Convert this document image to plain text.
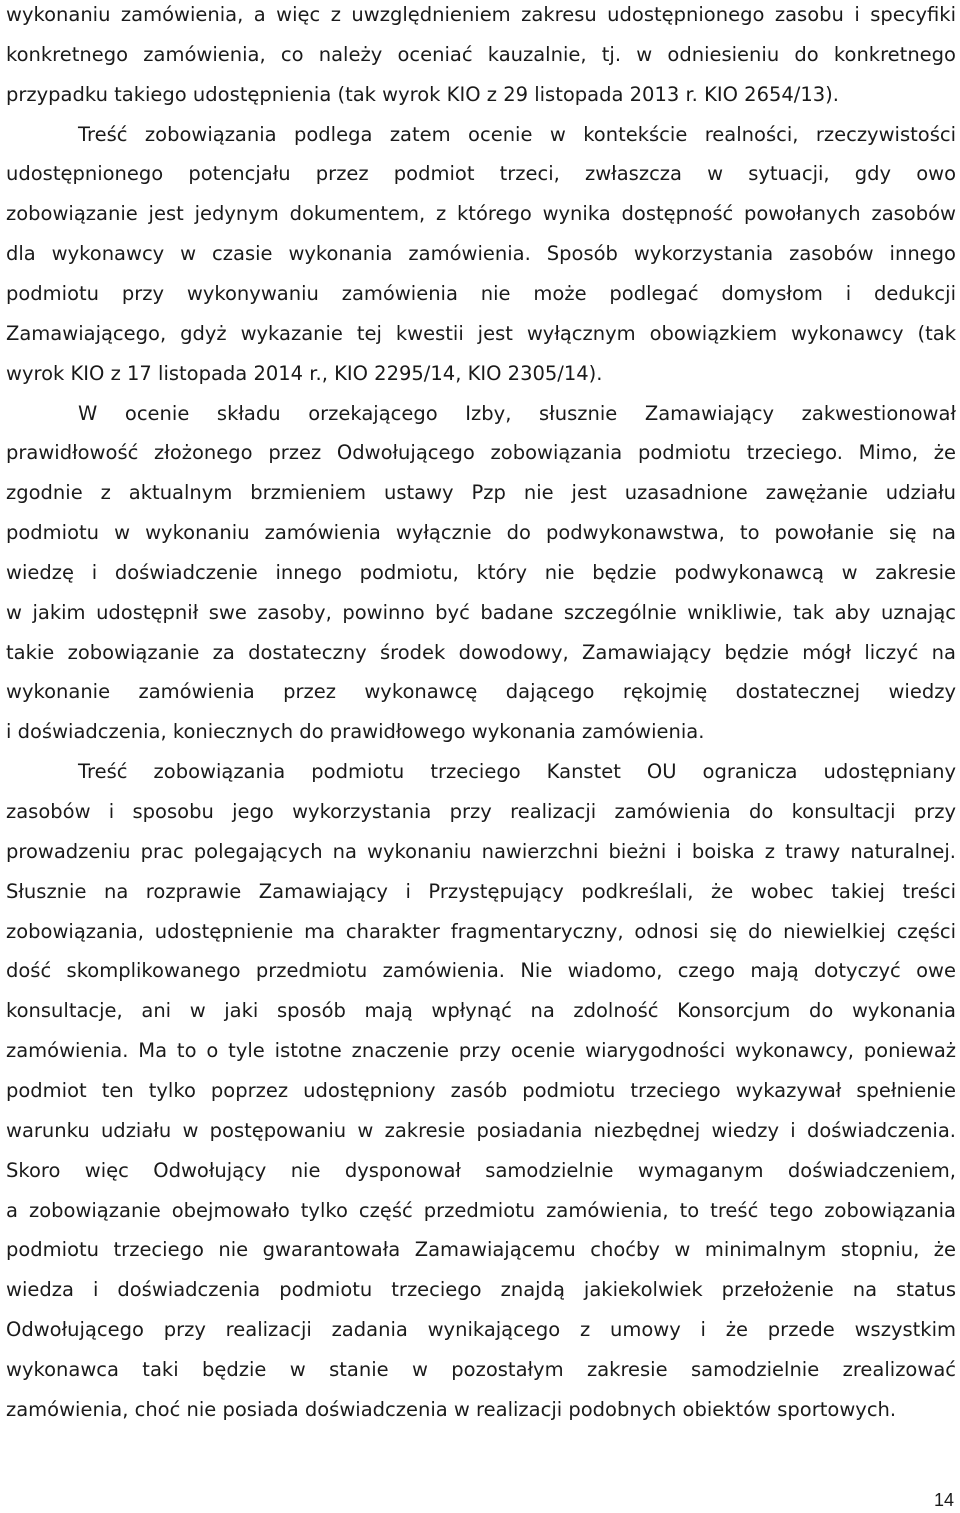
wykonaniu zamówienia, a więc z uwzględnieniem zakresu udostępnionego zasobu i specyfiki
konkretnego zamówienia, co należy oceniać kauzalnie, tj. w odniesieniu do konkretnego
przypadku takiego udostępnienia (tak wyrok KIO z 29 listopada 2013 r. KIO 2654/13).
Treść zobowiązania podlega zatem ocenie w kontekście realności, rzeczywistości
udostępnionego potencjału przez podmiot trzeci, zwłaszcza w sytuacji, gdy owo
zobowiązanie jest jedynym dokumentem, z którego wynika dostępność powołanych zasobów
dla wykonawcy w czasie wykonania zamówienia. Sposób wykorzystania zasobów innego
podmiotu przy wykonywaniu zamówienia nie może podlegać domysłom i dedukcji
Zamawiającego, gdyż wykazanie tej kwestii jest wyłącznym obowiązkiem wykonawcy (tak
wyrok KIO z 17 listopada 2014 r., KIO 2295/14, KIO 2305/14).
W ocenie składu orzekającego Izby, słusznie Zamawiający zakwestionował
prawidłowość złożonego przez Odwołującego zobowiązania podmiotu trzeciego. Mimo, że
zgodnie z aktualnym brzmieniem ustawy Pzp nie jest uzasadnione zawężanie udziału
podmiotu w wykonaniu zamówienia wyłącznie do podwykonawstwa, to powołanie się na
wiedzę i doświadczenie innego podmiotu, który nie będzie podwykonawcą w zakresie
w jakim udostępnił swe zasoby, powinno być badane szczególnie wnikliwie, tak aby uznając
takie zobowiązanie za dostateczny środek dowodowy, Zamawiający będzie mógł liczyć na
wykonanie zamówienia przez wykonawcę dającego rękojmię dostatecznej wiedzy
i doświadczenia, koniecznych do prawidłowego wykonania zamówienia.
Treść zobowiązania podmiotu trzeciego Kanstet OU ogranicza udostępniany
zasobów i sposobu jego wykorzystania przy realizacji zamówienia do konsultacji przy
prowadzeniu prac polegających na wykonaniu nawierzchni bieżni i boiska z trawy naturalnej.
Słusznie na rozprawie Zamawiający i Przystępujący podkreślali, że wobec takiej treści
zobowiązania, udostępnienie ma charakter fragmentaryczny, odnosi się do niewielkiej części
dość skomplikowanego przedmiotu zamówienia. Nie wiadomo, czego mają dotyczyć owe
konsultacje, ani w jaki sposób mają wpłynąć na zdolność Konsorcjum do wykonania
zamówienia. Ma to o tyle istotne znaczenie przy ocenie wiarygodności wykonawcy, ponieważ
podmiot ten tylko poprzez udostępniony zasób podmiotu trzeciego wykazywał spełnienie
warunku udziału w postępowaniu w zakresie posiadania niezbędnej wiedzy i doświadczenia.
Skoro więc Odwołujący nie dysponował samodzielnie wymaganym doświadczeniem,
a zobowiązanie obejmowało tylko część przedmiotu zamówienia, to treść tego zobowiązania
podmiotu trzeciego nie gwarantowała Zamawiającemu choćby w minimalnym stopniu, że
wiedza i doświadczenia podmiotu trzeciego znajdą jakiekolwiek przełożenie na status
Odwołującego przy realizacji zadania wynikającego z umowy i że przede wszystkim
wykonawca taki będzie w stanie w pozostałym zakresie samodzielnie zrealizować
zamówienia, choć nie posiada doświadczenia w realizacji podobnych obiektów sportowych.
14
